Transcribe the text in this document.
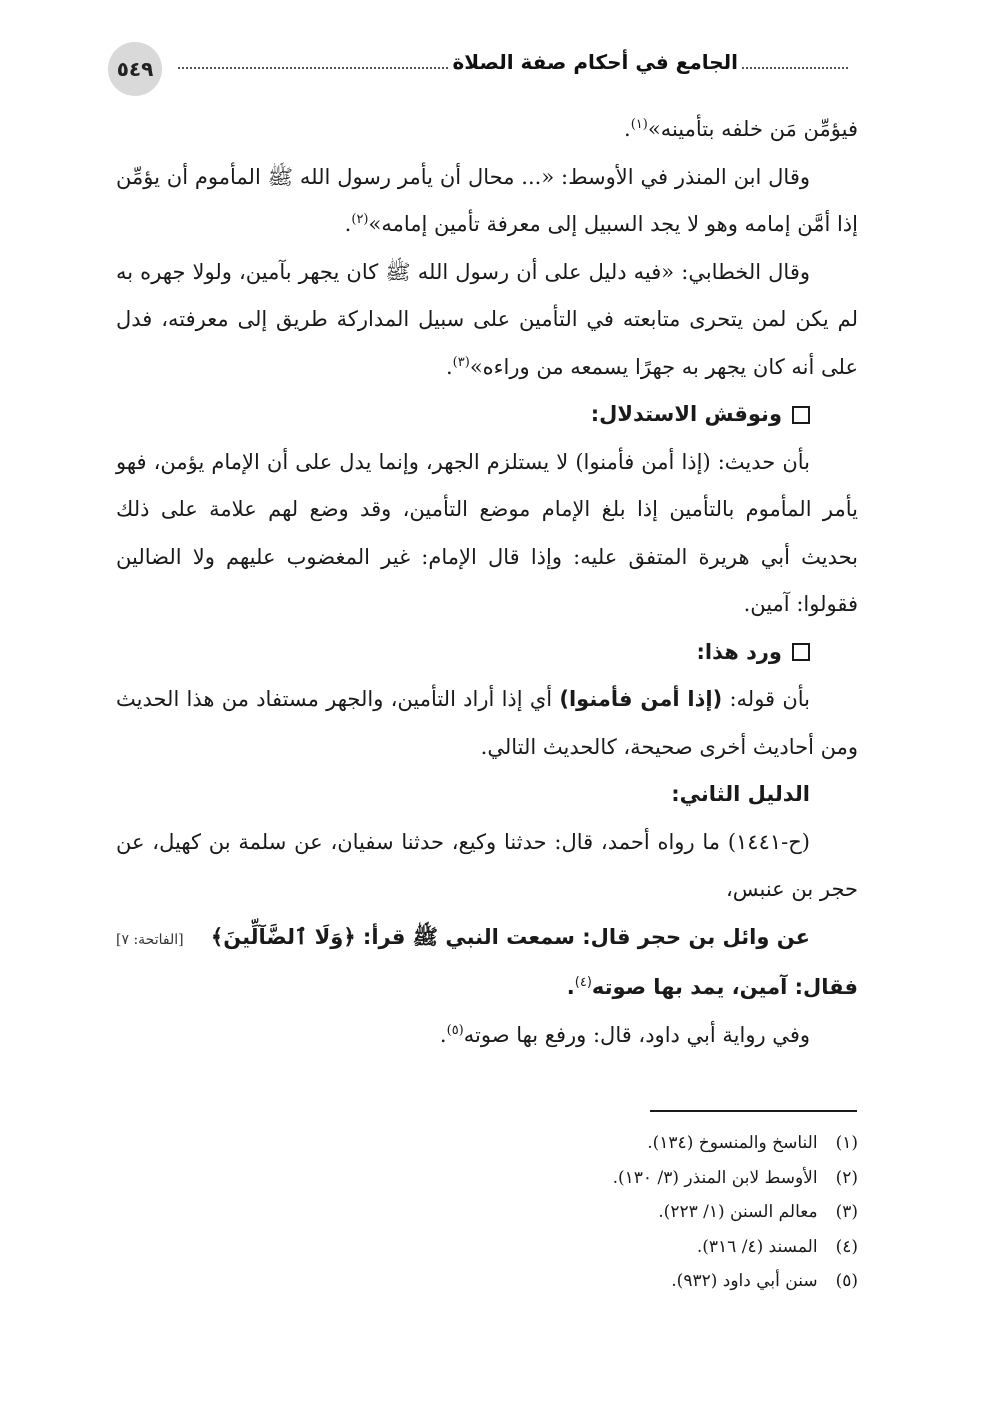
٥٤٩	الجامع في أحكام صفة الصلاة

فيؤمِّن مَن خلفه بتأمينه»$^{(١)}$.

وقال ابن المنذر في الأوسط: «... محال أن يأمر رسول الله ﷺ المأموم أن يؤمِّن إذا أمَّن إمامه وهو لا يجد السبيل إلى معرفة تأمين إمامه»$^{(٢)}$.

وقال الخطابي: «فيه دليل على أن رسول الله ﷺ كان يجهر بآمين، ولولا جهره به لم يكن لمن يتحرى متابعته في التأمين على سبيل المداركة طريق إلى معرفته، فدل على أنه كان يجهر به جهرًا يسمعه من وراءه»$^{(٣)}$.

ونوقش الاستدلال:

بأن حديث: (إذا أمن فأمنوا) لا يستلزم الجهر، وإنما يدل على أن الإمام يؤمن، فهو يأمر المأموم بالتأمين إذا بلغ الإمام موضع التأمين، وقد وضع لهم علامة على ذلك بحديث أبي هريرة المتفق عليه: وإذا قال الإمام: غير المغضوب عليهم ولا الضالين فقولوا: آمين.

ورد هذا:

بأن قوله: (إذا أمن فأمنوا) أي إذا أراد التأمين، والجهر مستفاد من هذا الحديث ومن أحاديث أخرى صحيحة، كالحديث التالي.

الدليل الثاني:

(ح-١٤٤١) ما رواه أحمد، قال: حدثنا وكيع، حدثنا سفيان، عن سلمة بن كهيل، عن حجر بن عنبس،

عن وائل بن حجر قال: سمعت النبي ﷺ قرأ: ﴿وَلَا ٱلضَّآلِّينَ﴾
[الفاتحة: ٧]

فقال: آمين، يمد بها صوته$^{(٤)}$.

وفي رواية أبي داود، قال: ورفع بها صوته$^{(٥)}$.

(١)
الناسخ والمنسوخ (١٣٤).
(٢)
الأوسط لابن المنذر (٣/ ١٣٠).
(٣)
معالم السنن (١/ ٢٢٣).
(٤)
المسند (٤/ ٣١٦).
(٥)
سنن أبي داود (٩٣٢).
